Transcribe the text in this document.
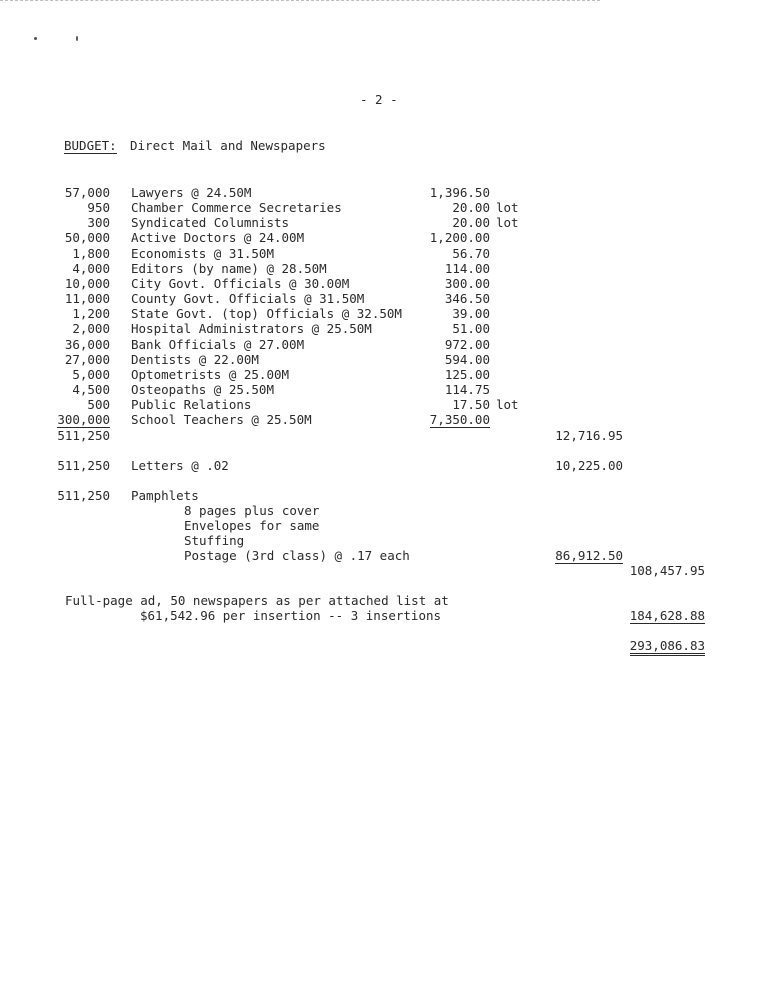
- 2 -
BUDGET: Direct Mail and Newspapers
57,000 Lawyers @ 24.50M	1,396.50
950 Chamber Commerce Secretaries	20.00 lot
300 Syndicated Columnists	20.00 lot
50,000 Active Doctors @ 24.00M	1,200.00
1,800 Economists @ 31.50M	56.70
4,000 Editors (by name) @ 28.50M	114.00
10,000 City Govt. Officials @ 30.00M	300.00
11,000 County Govt. Officials @ 31.50M	346.50
1,200 State Govt. (top) Officials @ 32.50M	39.00
2,000 Hospital Administrators @ 25.50M	51.00
36,000 Bank Officials @ 27.00M	972.00
27,000 Dentists @ 22.00M	594.00
5,000 Optometrists @ 25.00M	125.00
4,500 Osteopaths @ 25.50M	114.75
500 Public Relations	17.50 lot
300,000 School Teachers @ 25.50M	7,350.00
511,250	12,716.95
511,250 Letters @ .02	10,225.00
511,250 Pamphlets
8 pages plus cover
Envelopes for same
Stuffing
Postage (3rd class) @ .17 each	86,912.50
108,457.95
Full-page ad, 50 newspapers as per attached list at
$61,542.96 per insertion -- 3 insertions	184,628.88
293,086.83
